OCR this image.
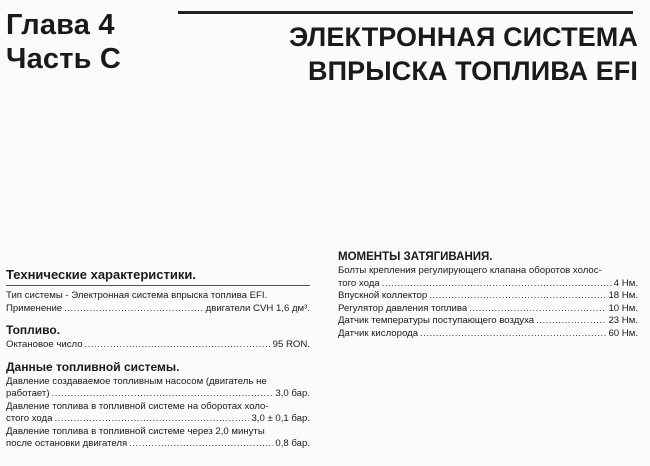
Глава 4
Часть С
ЭЛЕКТРОННАЯ СИСТЕМА
ВПРЫСКА ТОПЛИВА EFI
Технические характеристики.
Тип системы - Электронная система впрыска топлива EFI.
Применение .....	двигатели CVH 1,6 дм³.
Топливо.
Октановое число .....	95 RON.
Данные топливной системы.
Давление создаваемое топливным насосом (двигатель не
работает) .....	3,0 бар.
Давление топлива в топливной системе на оборотах холо-
стого хода .....	3,0 ± 0,1 бар.
Давление топлива в топливной системе через 2,0 минуты
после остановки двигателя .....	0,8 бар.
МОМЕНТЫ ЗАТЯГИВАНИЯ.
Болты крепления регулирующего клапана оборотов холос-
того хода .....	4 Нм.
Впускной коллектор .....	18 Нм.
Регулятор давления топлива .....	10 Нм.
Датчик температуры поступающего воздуха .....	23 Нм.
Датчик кислорода .....	60 Нм.
